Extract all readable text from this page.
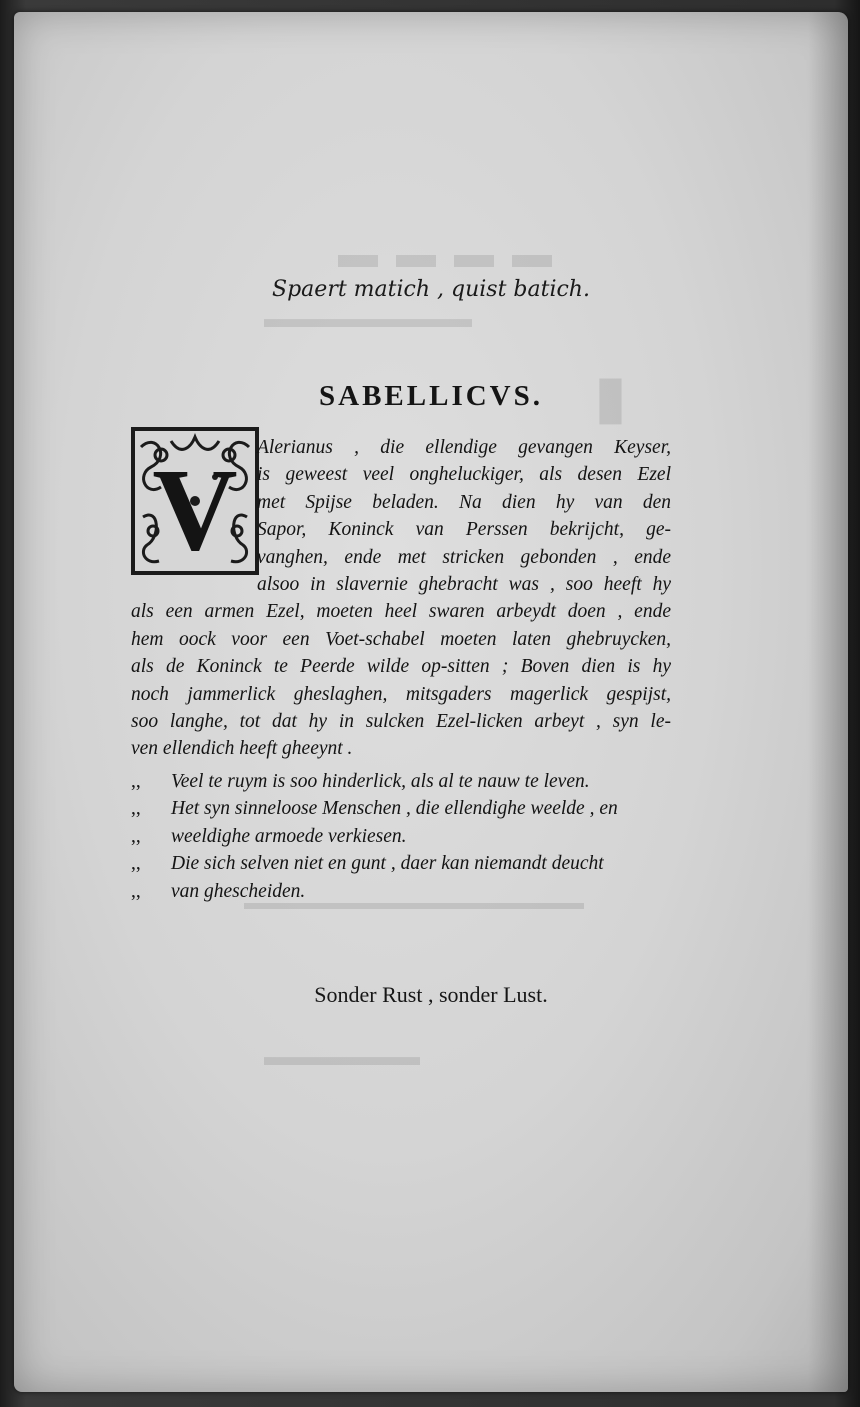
▬ ▬ ▬ ▬
▬▬▬▬▬▬▬▬
▮
▬▬▬▬▬▬▬▬▬▬▬▬▬▬▬▬▬
▬▬▬▬▬▬

Spaert matich , quist batich.

SABELLICVS.
V Alerianus , die ellendige gevangen Keyser,
is geweest veel ongheluckiger, als desen Ezel
met Spijse beladen. Na dien hy van den
Sapor, Koninck van Perssen bekrijcht, ge-
vanghen, ende met stricken gebonden , ende
alsoo in slavernie ghebracht was , soo heeft hy
als een armen Ezel, moeten heel swaren arbeydt doen , ende
hem oock voor een Voet-schabel moeten laten ghebruycken,
als de Koninck te Peerde wilde op-sitten ; Boven dien is hy
noch jammerlick gheslaghen, mitsgaders magerlick gespijst,
soo langhe, tot dat hy in sulcken Ezel-licken arbeyt , syn le-
ven ellendich heeft gheeynt .
,,	Veel te ruym is soo hinderlick, als al te nauw te leven.
,,	Het syn sinneloose Menschen , die ellendighe weelde , en
,,	weeldighe armoede verkiesen.
,,	Die sich selven niet en gunt , daer kan niemandt deucht
,,	van ghescheiden.

Sonder Rust , sonder Lust.
